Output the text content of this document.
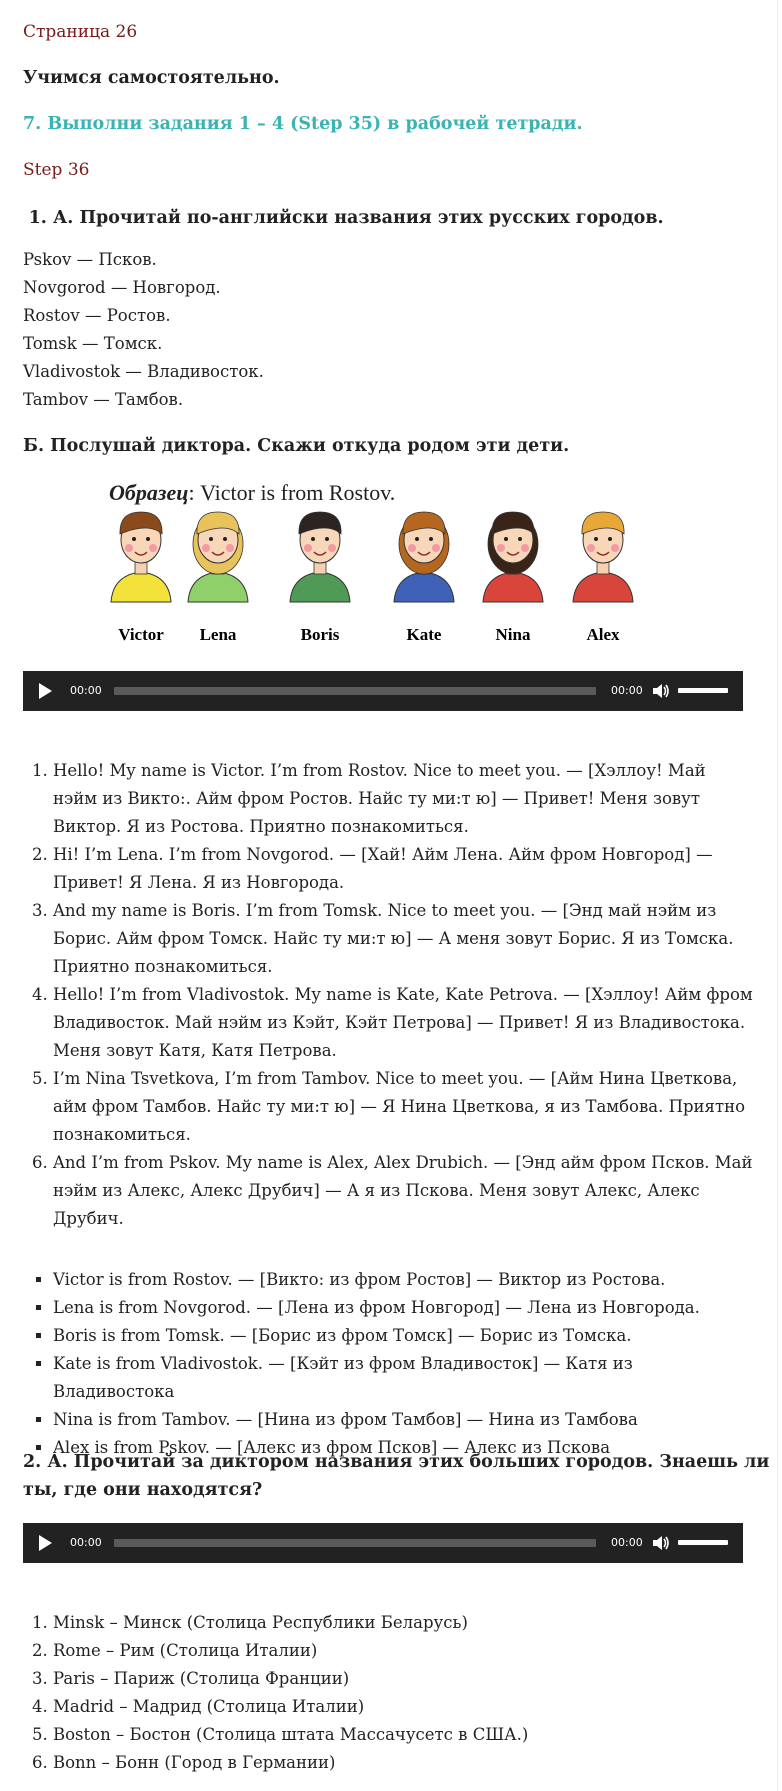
Страница 26
Учимся самостоятельно.
7. Выполни задания 1 – 4 (Step 35) в рабочей тетради.
Step 36
1. А. Прочитай по-английски названия этих русских городов.
Pskov — Псков.
Novgorod — Новгород.
Rostov — Ростов.
Tomsk — Томск.
Vladivostok — Владивосток.
Tambov — Тамбов.
Б. Послушай диктора. Скажи откуда родом эти дети.
Образец: Victor is from Rostov.
Victor Lena	Boris	Kate	Nina	Alex
00:00	00:00
1. Hello! My name is Victor. I’m from Rostov. Nice to meet you. — [Хэллоу! Май нэйм из Викто:. Айм фром Ростов. Найс ту ми:т ю] — Привет! Меня зовут Виктор. Я из Ростова. Приятно познакомиться.
2. Hi! I’m Lena. I’m from Novgorod. — [Хай! Айм Лена. Айм фром Новгород] — Привет! Я Лена. Я из Новгорода.
3. And my name is Boris. I’m from Tomsk. Nice to meet you. — [Энд май нэйм из Борис. Айм фром Томск. Найс ту ми:т ю] — А меня зовут Борис. Я из Томска. Приятно познакомиться.
4. Hello! I’m from Vladivostok. My name is Kate, Kate Petrova. — [Хэллоу! Айм фром Владивосток. Май нэйм из Кэйт, Кэйт Петрова] — Привет! Я из Владивостока. Меня зовут Катя, Катя Петрова.
5. I’m Nina Tsvetkova, I’m from Tambov. Nice to meet you. — [Айм Нина Цветкова, айм фром Тамбов. Найс ту ми:т ю] — Я Нина Цветкова, я из Тамбова. Приятно познакомиться.
6. And I’m from Pskov. My name is Alex, Alex Drubich. — [Энд айм фром Псков. Май нэйм из Алекс, Алекс Друбич] — А я из Пскова. Меня зовут Алекс, Алекс Друбич.
▪ Victor is from Rostov. — [Викто: из фром Ростов] — Виктор из Ростова.
▪ Lena is from Novgorod. — [Лена из фром Новгород] — Лена из Новгорода.
▪ Boris is from Tomsk. — [Борис из фром Томск] — Борис из Томска.
▪ Kate is from Vladivostok. — [Кэйт из фром Владивосток] — Катя из Владивостока
▪ Nina is from Tambov. — [Нина из фром Тамбов] — Нина из Тамбова
▪ Alex is from Pskov. — [Алекс из фром Псков] — Алекс из Пскова
2. А. Прочитай за диктором названия этих больших городов. Знаешь ли
ты, где они находятся?
00:00	00:00
1. Minsk – Минск (Столица Республики Беларусь)
2. Rome – Рим (Столица Италии)
3. Paris – Париж (Столица Франции)
4. Madrid – Мадрид (Столица Италии)
5. Boston – Бостон (Столица штата Массачусетс в США.)
6. Bonn – Бонн (Город в Германии)
